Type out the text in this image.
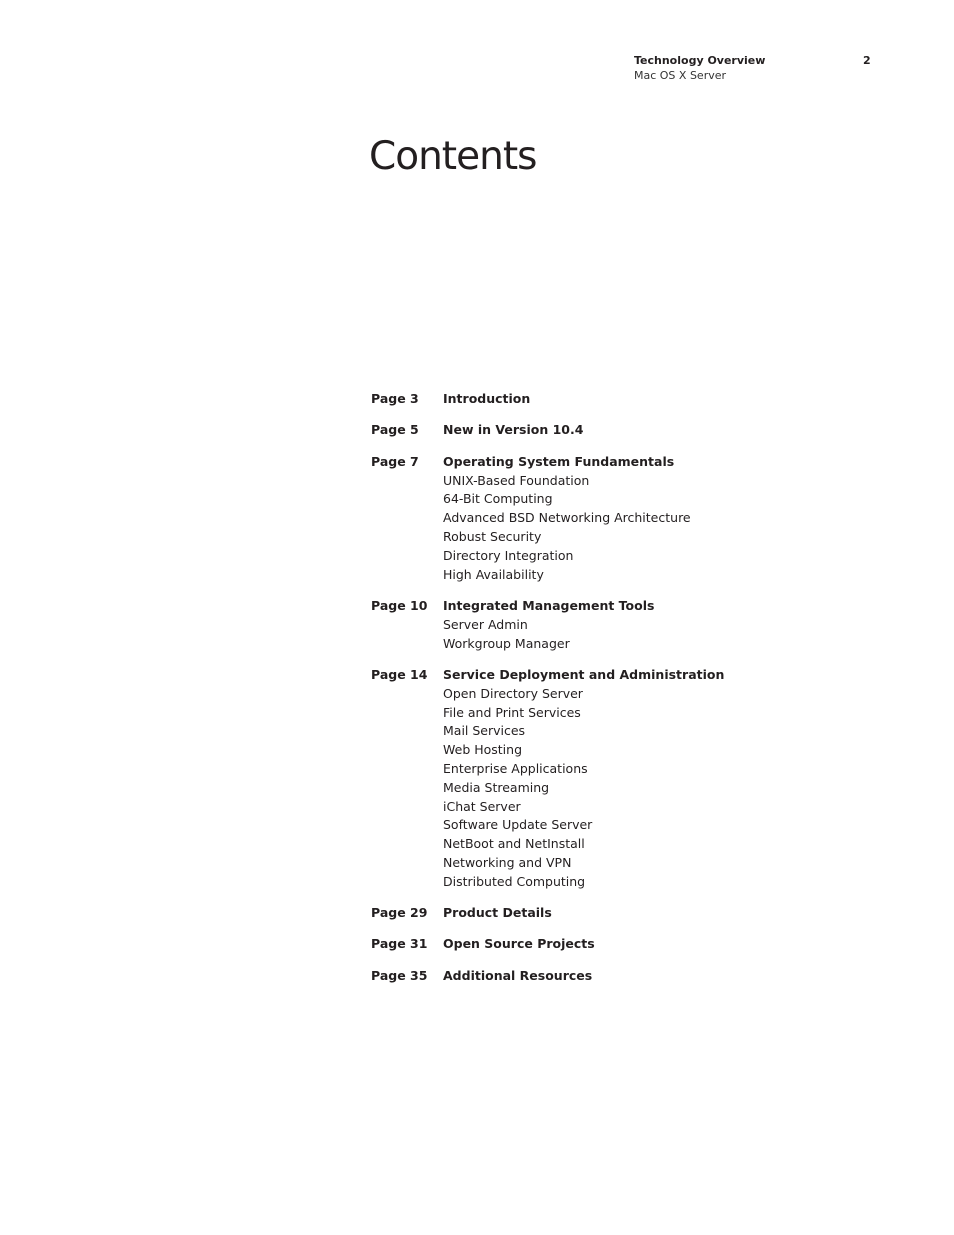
Technology Overview
Mac OS X Server
2
Contents
Page 3	Introduction
Page 5	New in Version 10.4
Page 7	Operating System Fundamentals
UNIX-Based Foundation
64-Bit Computing
Advanced BSD Networking Architecture
Robust Security
Directory Integration
High Availability
Page 10	Integrated Management Tools
Server Admin
Workgroup Manager
Page 14	Service Deployment and Administration
Open Directory Server
File and Print Services
Mail Services
Web Hosting
Enterprise Applications
Media Streaming
iChat Server
Software Update Server
NetBoot and NetInstall
Networking and VPN
Distributed Computing
Page 29	Product Details
Page 31	Open Source Projects
Page 35	Additional Resources
